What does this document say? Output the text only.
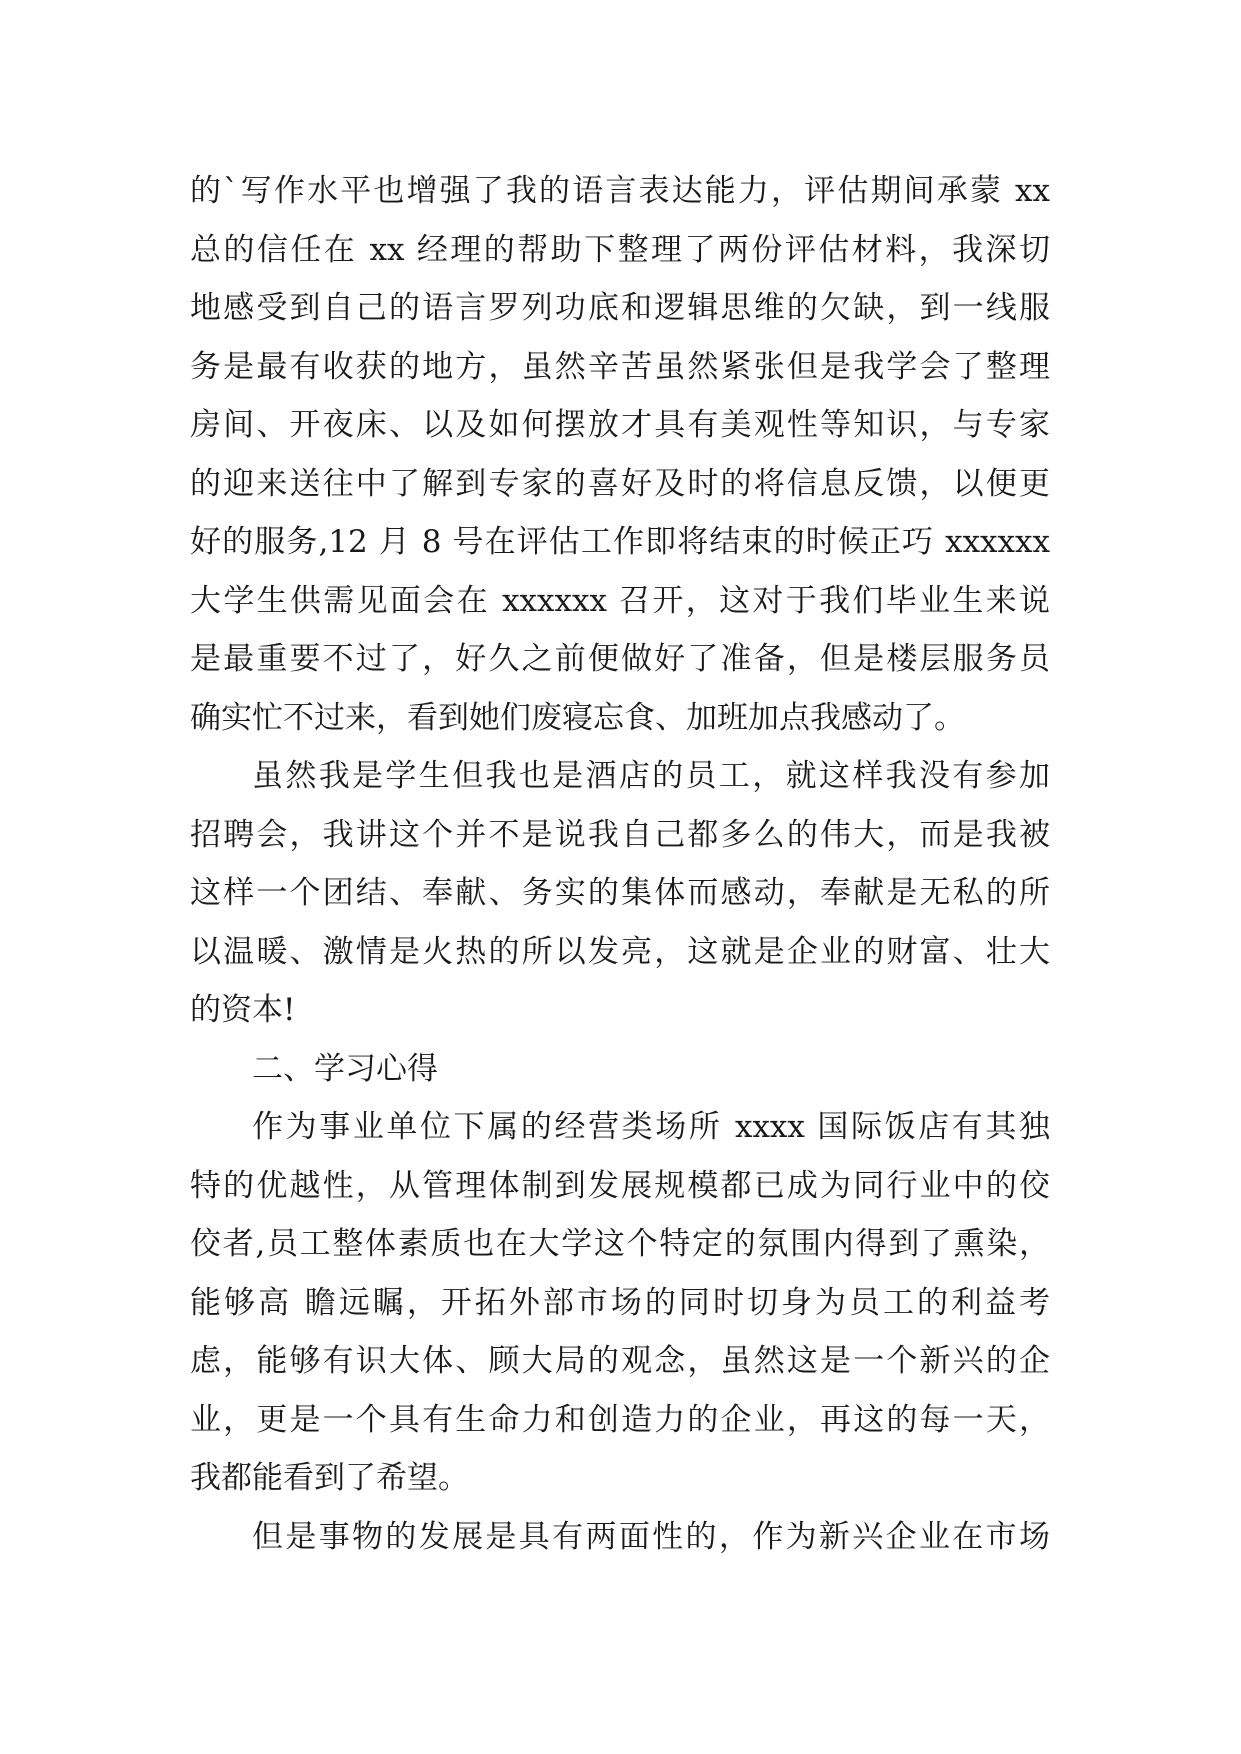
的`写作水平也增强了我的语言表达能力，评估期间承蒙 xx
总的信任在 xx 经理的帮助下整理了两份评估材料，我深切
地感受到自己的语言罗列功底和逻辑思维的欠缺，到一线服
务是最有收获的地方，虽然辛苦虽然紧张但是我学会了整理
房间、开夜床、以及如何摆放才具有美观性等知识，与专家
的迎来送往中了解到专家的喜好及时的将信息反馈，以便更
好的服务,12 月 8 号在评估工作即将结束的时候正巧 xxxxxx
大学生供需见面会在 xxxxxx 召开，这对于我们毕业生来说
是最重要不过了，好久之前便做好了准备，但是楼层服务员
确实忙不过来，看到她们废寝忘食、加班加点我感动了。
虽然我是学生但我也是酒店的员工，就这样我没有参加
招聘会，我讲这个并不是说我自己都多么的伟大，而是我被
这样一个团结、奉献、务实的集体而感动，奉献是无私的所
以温暖、激情是火热的所以发亮，这就是企业的财富、壮大
的资本!
二、学习心得
作为事业单位下属的经营类场所 xxxx 国际饭店有其独
特的优越性，从管理体制到发展规模都已成为同行业中的佼
佼者,员工整体素质也在大学这个特定的氛围内得到了熏染，
能够高 瞻远瞩，开拓外部市场的同时切身为员工的利益考
虑，能够有识大体、顾大局的观念，虽然这是一个新兴的企
业，更是一个具有生命力和创造力的企业，再这的每一天，
我都能看到了希望。
但是事物的发展是具有两面性的，作为新兴企业在市场
